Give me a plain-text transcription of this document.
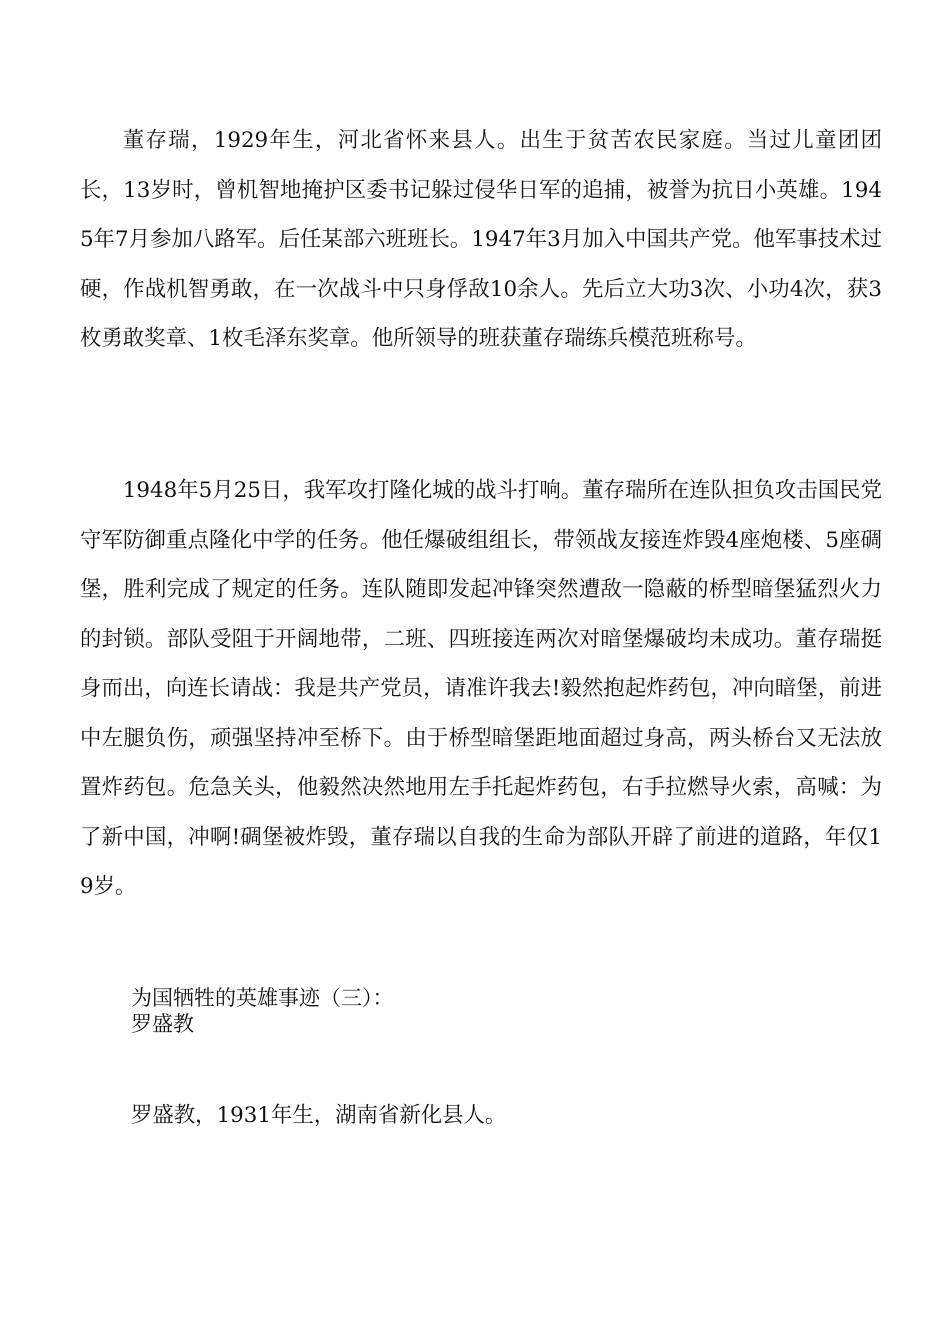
董存瑞，1929年生，河北省怀来县人。出生于贫苦农民家庭。当过儿童团团长，13岁时，曾机智地掩护区委书记躲过侵华日军的追捕，被誉为抗日小英雄。1945年7月参加八路军。后任某部六班班长。1947年3月加入中国共产党。他军事技术过硬，作战机智勇敢，在一次战斗中只身俘敌10余人。先后立大功3次、小功4次，获3枚勇敢奖章、1枚毛泽东奖章。他所领导的班获董存瑞练兵模范班称号。

1948年5月25日，我军攻打隆化城的战斗打响。董存瑞所在连队担负攻击国民党守军防御重点隆化中学的任务。他任爆破组组长，带领战友接连炸毁4座炮楼、5座碉堡，胜利完成了规定的任务。连队随即发起冲锋突然遭敌一隐蔽的桥型暗堡猛烈火力的封锁。部队受阻于开阔地带，二班、四班接连两次对暗堡爆破均未成功。董存瑞挺身而出，向连长请战：我是共产党员，请准许我去!毅然抱起炸药包，冲向暗堡，前进中左腿负伤，顽强坚持冲至桥下。由于桥型暗堡距地面超过身高，两头桥台又无法放置炸药包。危急关头，他毅然决然地用左手托起炸药包，右手拉燃导火索，高喊：为了新中国，冲啊!碉堡被炸毁，董存瑞以自我的生命为部队开辟了前进的道路，年仅19岁。

为国牺牲的英雄事迹（三）：
罗盛教

罗盛教，1931年生，湖南省新化县人。
